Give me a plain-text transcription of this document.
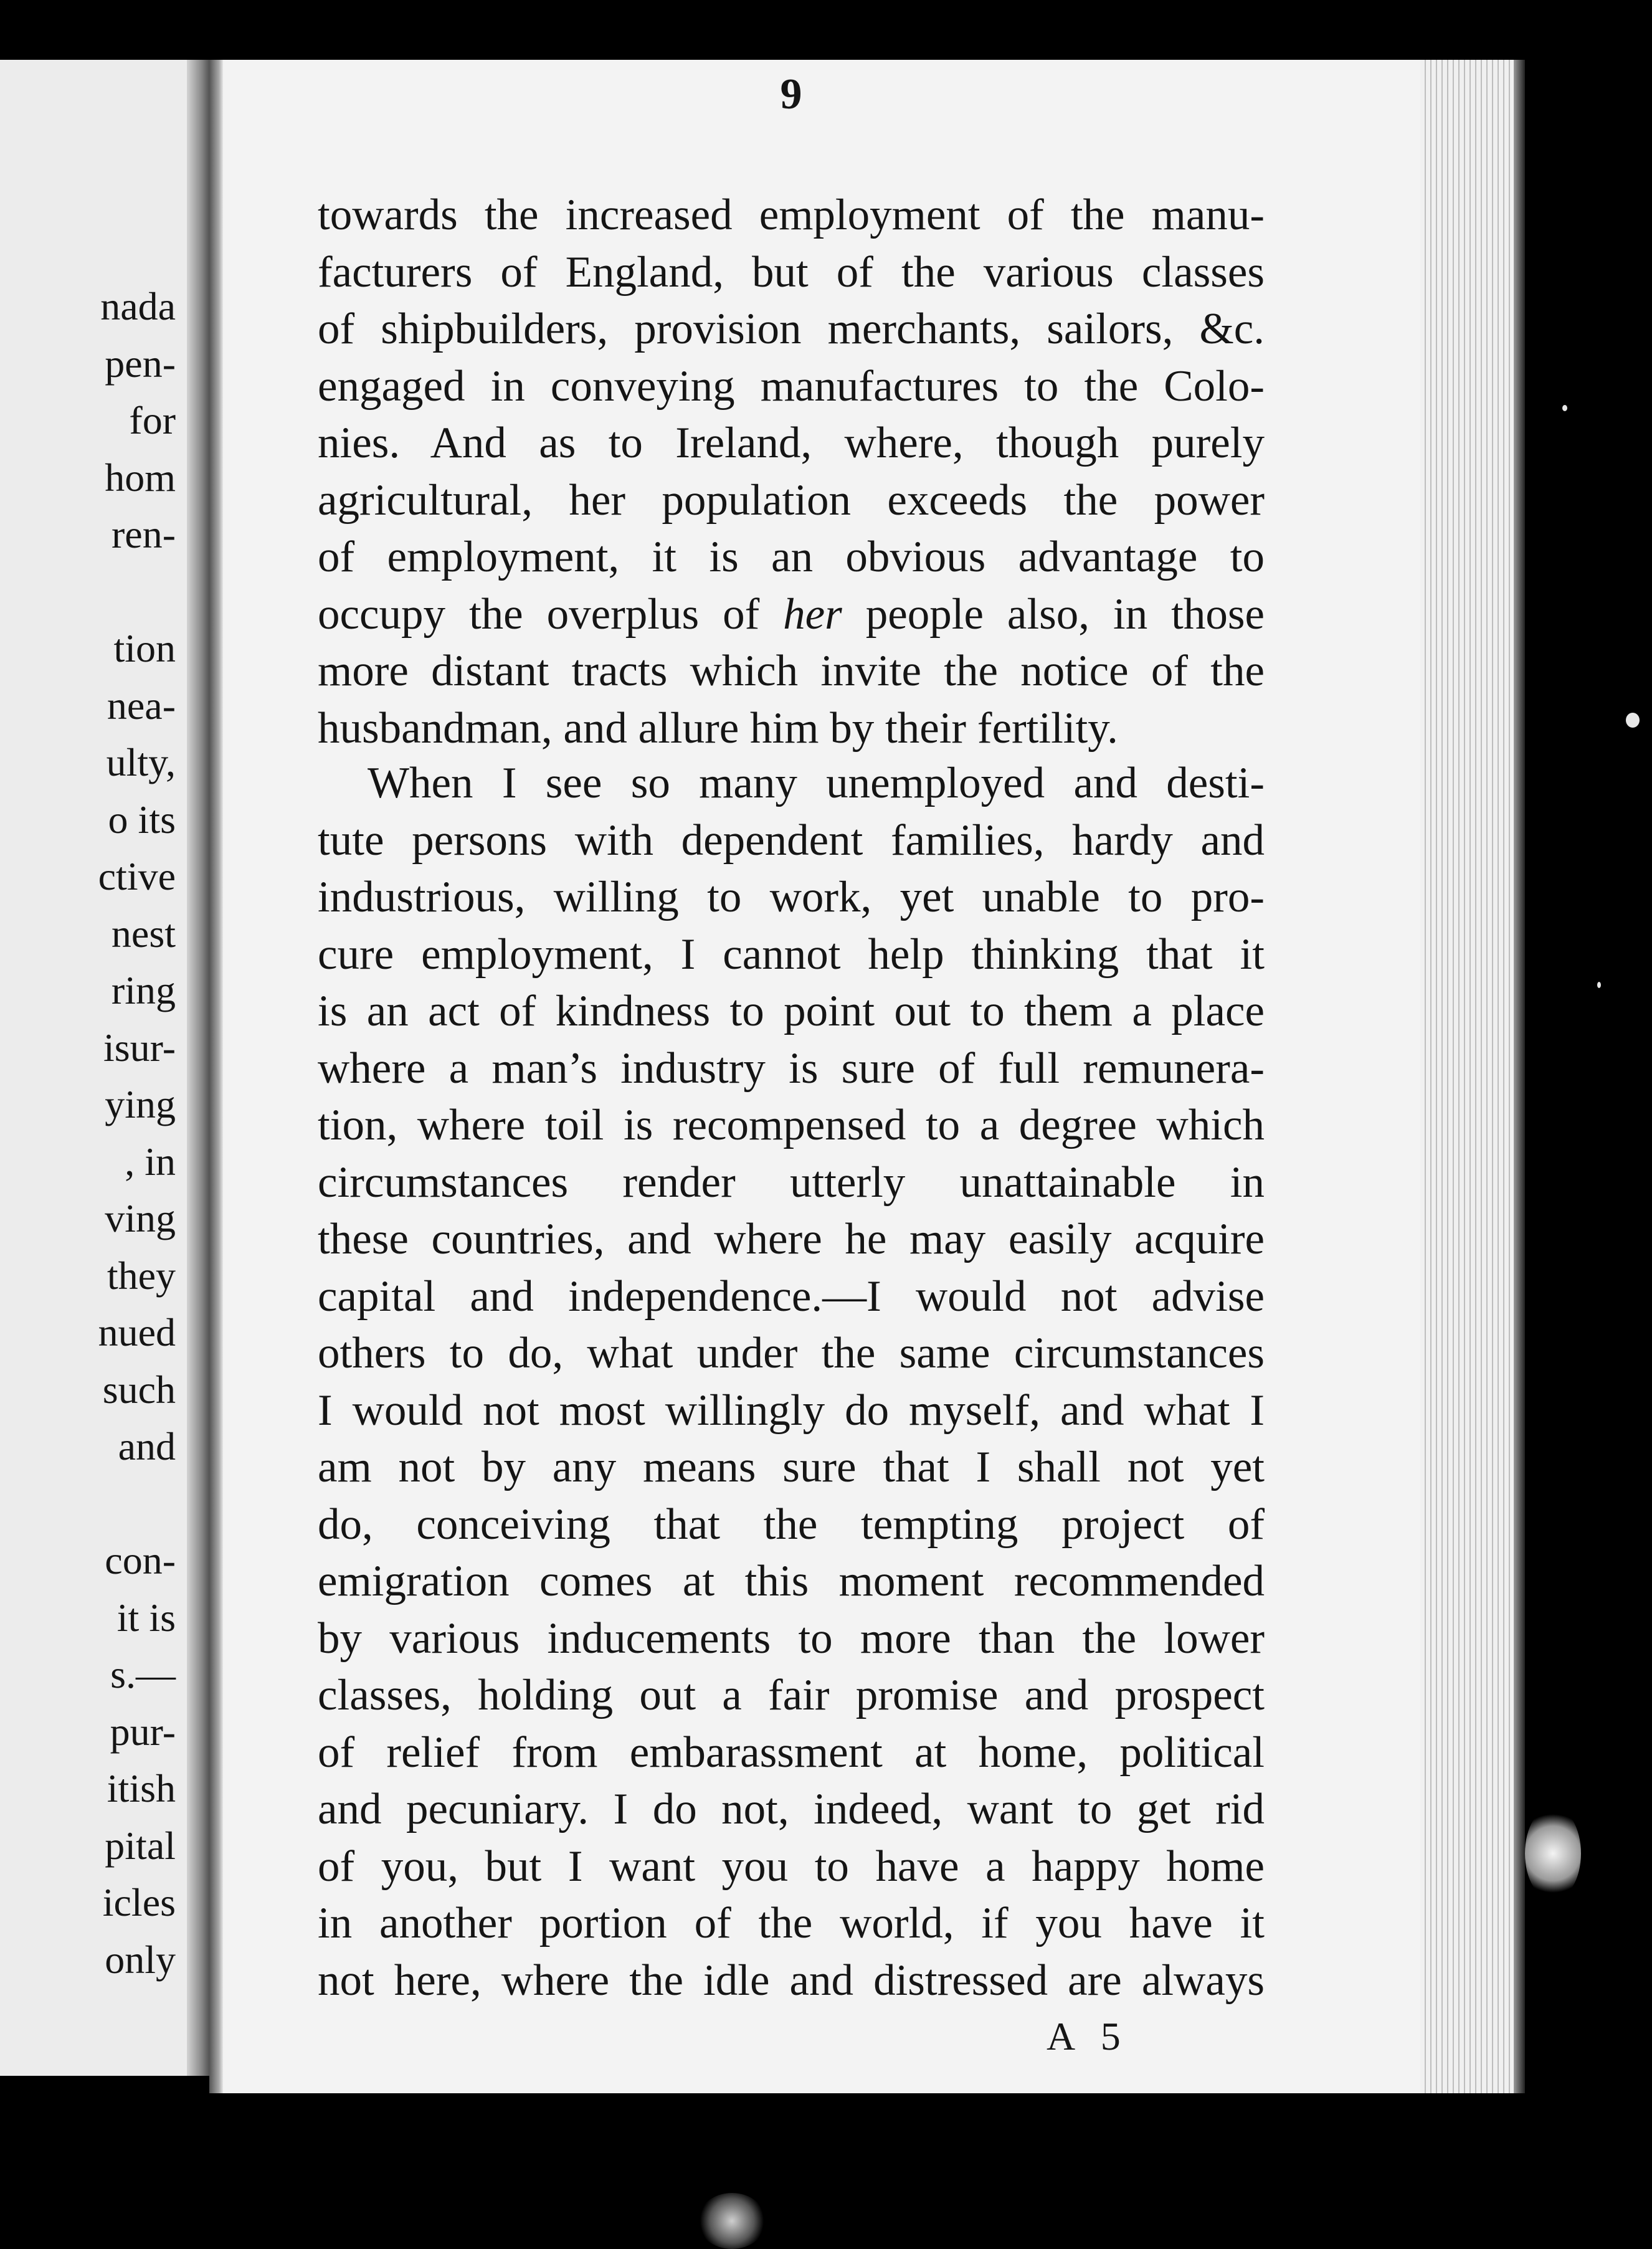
nada

pen-

for

hom

ren-

tion

nea-

ulty,

o its

ctive

nest

ring

isur-

ying

, in

ving

they

nued

such

and

con-

it is

s.—

pur-

itish

pital

icles

only

9

towards the increased employment of the manu-

facturers of England, but of the various classes

of shipbuilders, provision merchants, sailors, &c.

engaged in conveying manufactures to the Colo-

nies. And as to Ireland, where, though purely

agricultural, her population exceeds the power

of employment, it is an obvious advantage to

occupy the overplus of her people also, in those

more distant tracts which invite the notice of the

husbandman, and allure him by their fertility.

When I see so many unemployed and desti-

tute persons with dependent families, hardy and

industrious, willing to work, yet unable to pro-

cure employment, I cannot help thinking that it

is an act of kindness to point out to them a place

where a man’s industry is sure of full remunera-

tion, where toil is recompensed to a degree which

circumstances render utterly unattainable in

these countries, and where he may easily acquire

capital and independence.—I would not advise

others to do, what under the same circumstances

I would not most willingly do myself, and what I

am not by any means sure that I shall not yet

do, conceiving that the tempting project of

emigration comes at this moment recommended

by various inducements to more than the lower

classes, holding out a fair promise and prospect

of relief from embarassment at home, political

and pecuniary. I do not, indeed, want to get rid

of you, but I want you to have a happy home

in another portion of the world, if you have it

not here, where the idle and distressed are always

A 5
